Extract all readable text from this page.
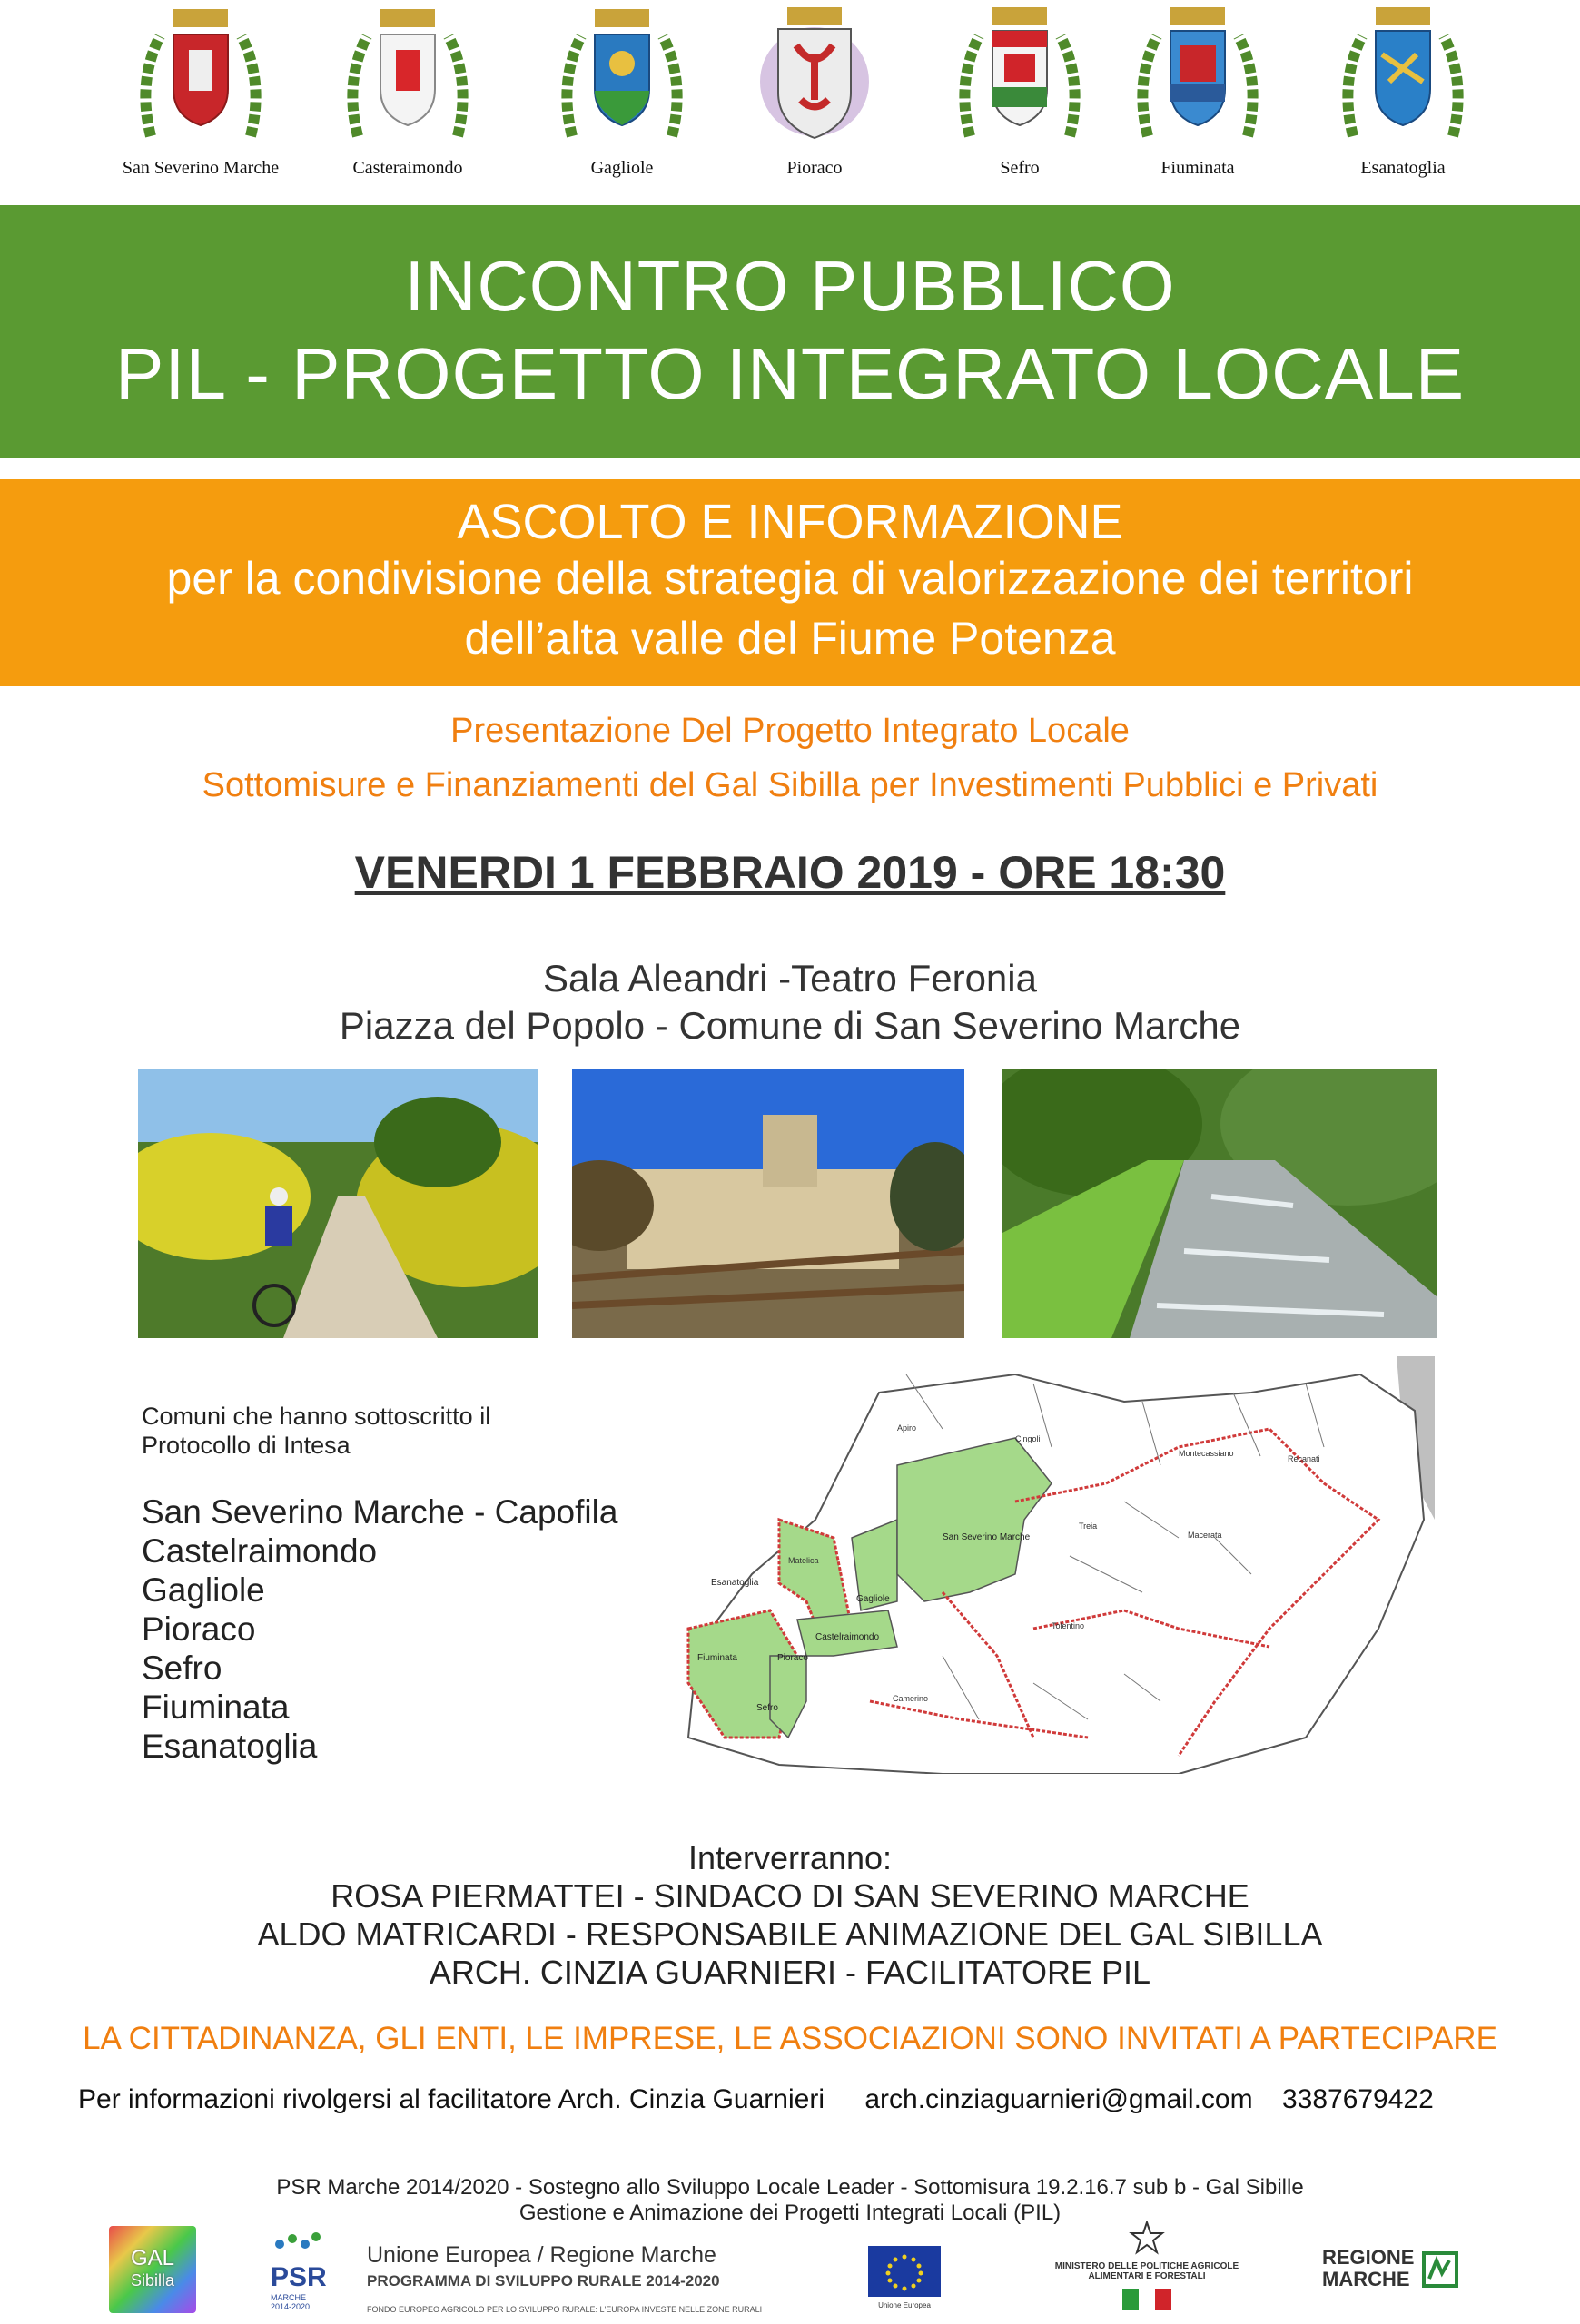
San Severino Marche	Casteraimondo	Gagliole	Pioraco	Sefro	Fiuminata	Esanatoglia
INCONTRO PUBBLICO
PIL - PROGETTO INTEGRATO LOCALE
ASCOLTO E INFORMAZIONE
per la condivisione della strategia di valorizzazione dei territori
dell’alta valle del Fiume Potenza
Presentazione Del Progetto Integrato Locale
Sottomisure e Finanziamenti del Gal Sibilla per Investimenti Pubblici e Privati
VENERDI 1 FEBBRAIO 2019 - ORE 18:30
Sala Aleandri -Teatro Feronia
Piazza del Popolo - Comune di San Severino Marche
Comuni che hanno sottoscritto il
Protocollo di Intesa
San Severino Marche - Capofila
Castelraimondo
Gagliole
Pioraco
Sefro
Fiuminata
Esanatoglia
San Severino Marche
Esanatoglia
Gagliole
Castelraimondo
Fiuminata	Pioraco
Sefro
Matelica
Apiro
Cingoli
Treia
Macerata
Camerino
Tolentino
Montecassiano
Recanati
Interverranno:
ROSA PIERMATTEI - SINDACO DI SAN SEVERINO MARCHE
ALDO MATRICARDI - RESPONSABILE ANIMAZIONE DEL GAL SIBILLA
ARCH. CINZIA GUARNIERI - FACILITATORE PIL
LA CITTADINANZA, GLI ENTI, LE IMPRESE, LE ASSOCIAZIONI SONO INVITATI A PARTECIPARE
Per informazioni rivolgersi al facilitatore Arch. Cinzia Guarnieri arch.cinziaguarnieri@gmail.com 3387679422
PSR Marche 2014/2020 - Sostegno allo Sviluppo Locale Leader - Sottomisura 19.2.16.7 sub b - Gal Sibille
Gestione e Animazione dei Progetti Integrati Locali (PIL)
GAL
Sibilla	PSR
MARCHE
2014-2020
Unione Europea / Regione Marche
PROGRAMMA DI SVILUPPO RURALE 2014-2020
FONDO EUROPEO AGRICOLO PER LO SVILUPPO RURALE: L'EUROPA INVESTE NELLE ZONE RURALI	Unione Europea
MINISTERO DELLE POLITICHE AGRICOLE
ALIMENTARI E FORESTALI
REGIONE
MARCHE
